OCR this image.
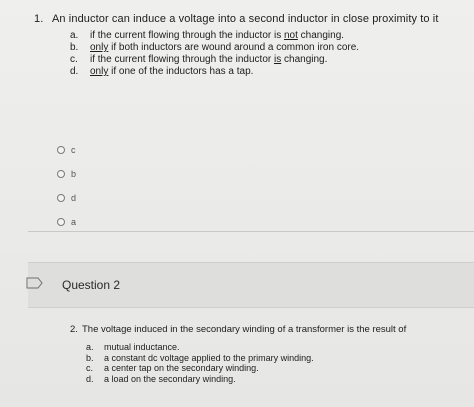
1. An inductor can induce a voltage into a second inductor in close proximity to it
a. if the current flowing through the inductor is not changing.
b. only if both inductors are wound around a common iron core.
c. if the current flowing through the inductor is changing.
d. only if one of the inductors has a tap.
c
b
d
a
Question 2
2. The voltage induced in the secondary winding of a transformer is the result of
a. mutual inductance.
b. a constant dc voltage applied to the primary winding.
c. a center tap on the secondary winding.
d. a load on the secondary winding.
